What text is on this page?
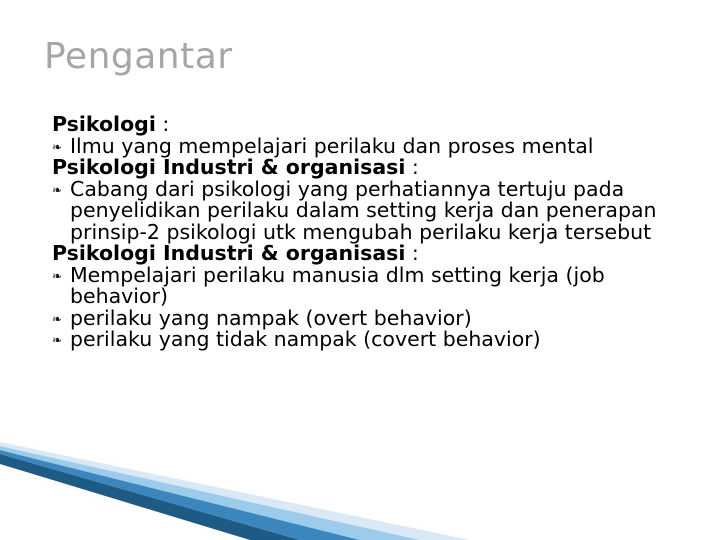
Pengantar

Psikologi :

❧ Ilmu yang mempelajari perilaku dan proses mental

Psikologi Industri & organisasi :

❧ Cabang dari psikologi yang perhatiannya tertuju pada penyelidikan perilaku dalam setting kerja dan penerapan prinsip-2 psikologi utk mengubah perilaku kerja tersebut

Psikologi Industri & organisasi :

❧ Mempelajari perilaku manusia dlm setting kerja (job behavior)
❧ perilaku yang nampak (overt behavior)
❧ perilaku yang tidak nampak (covert behavior)
